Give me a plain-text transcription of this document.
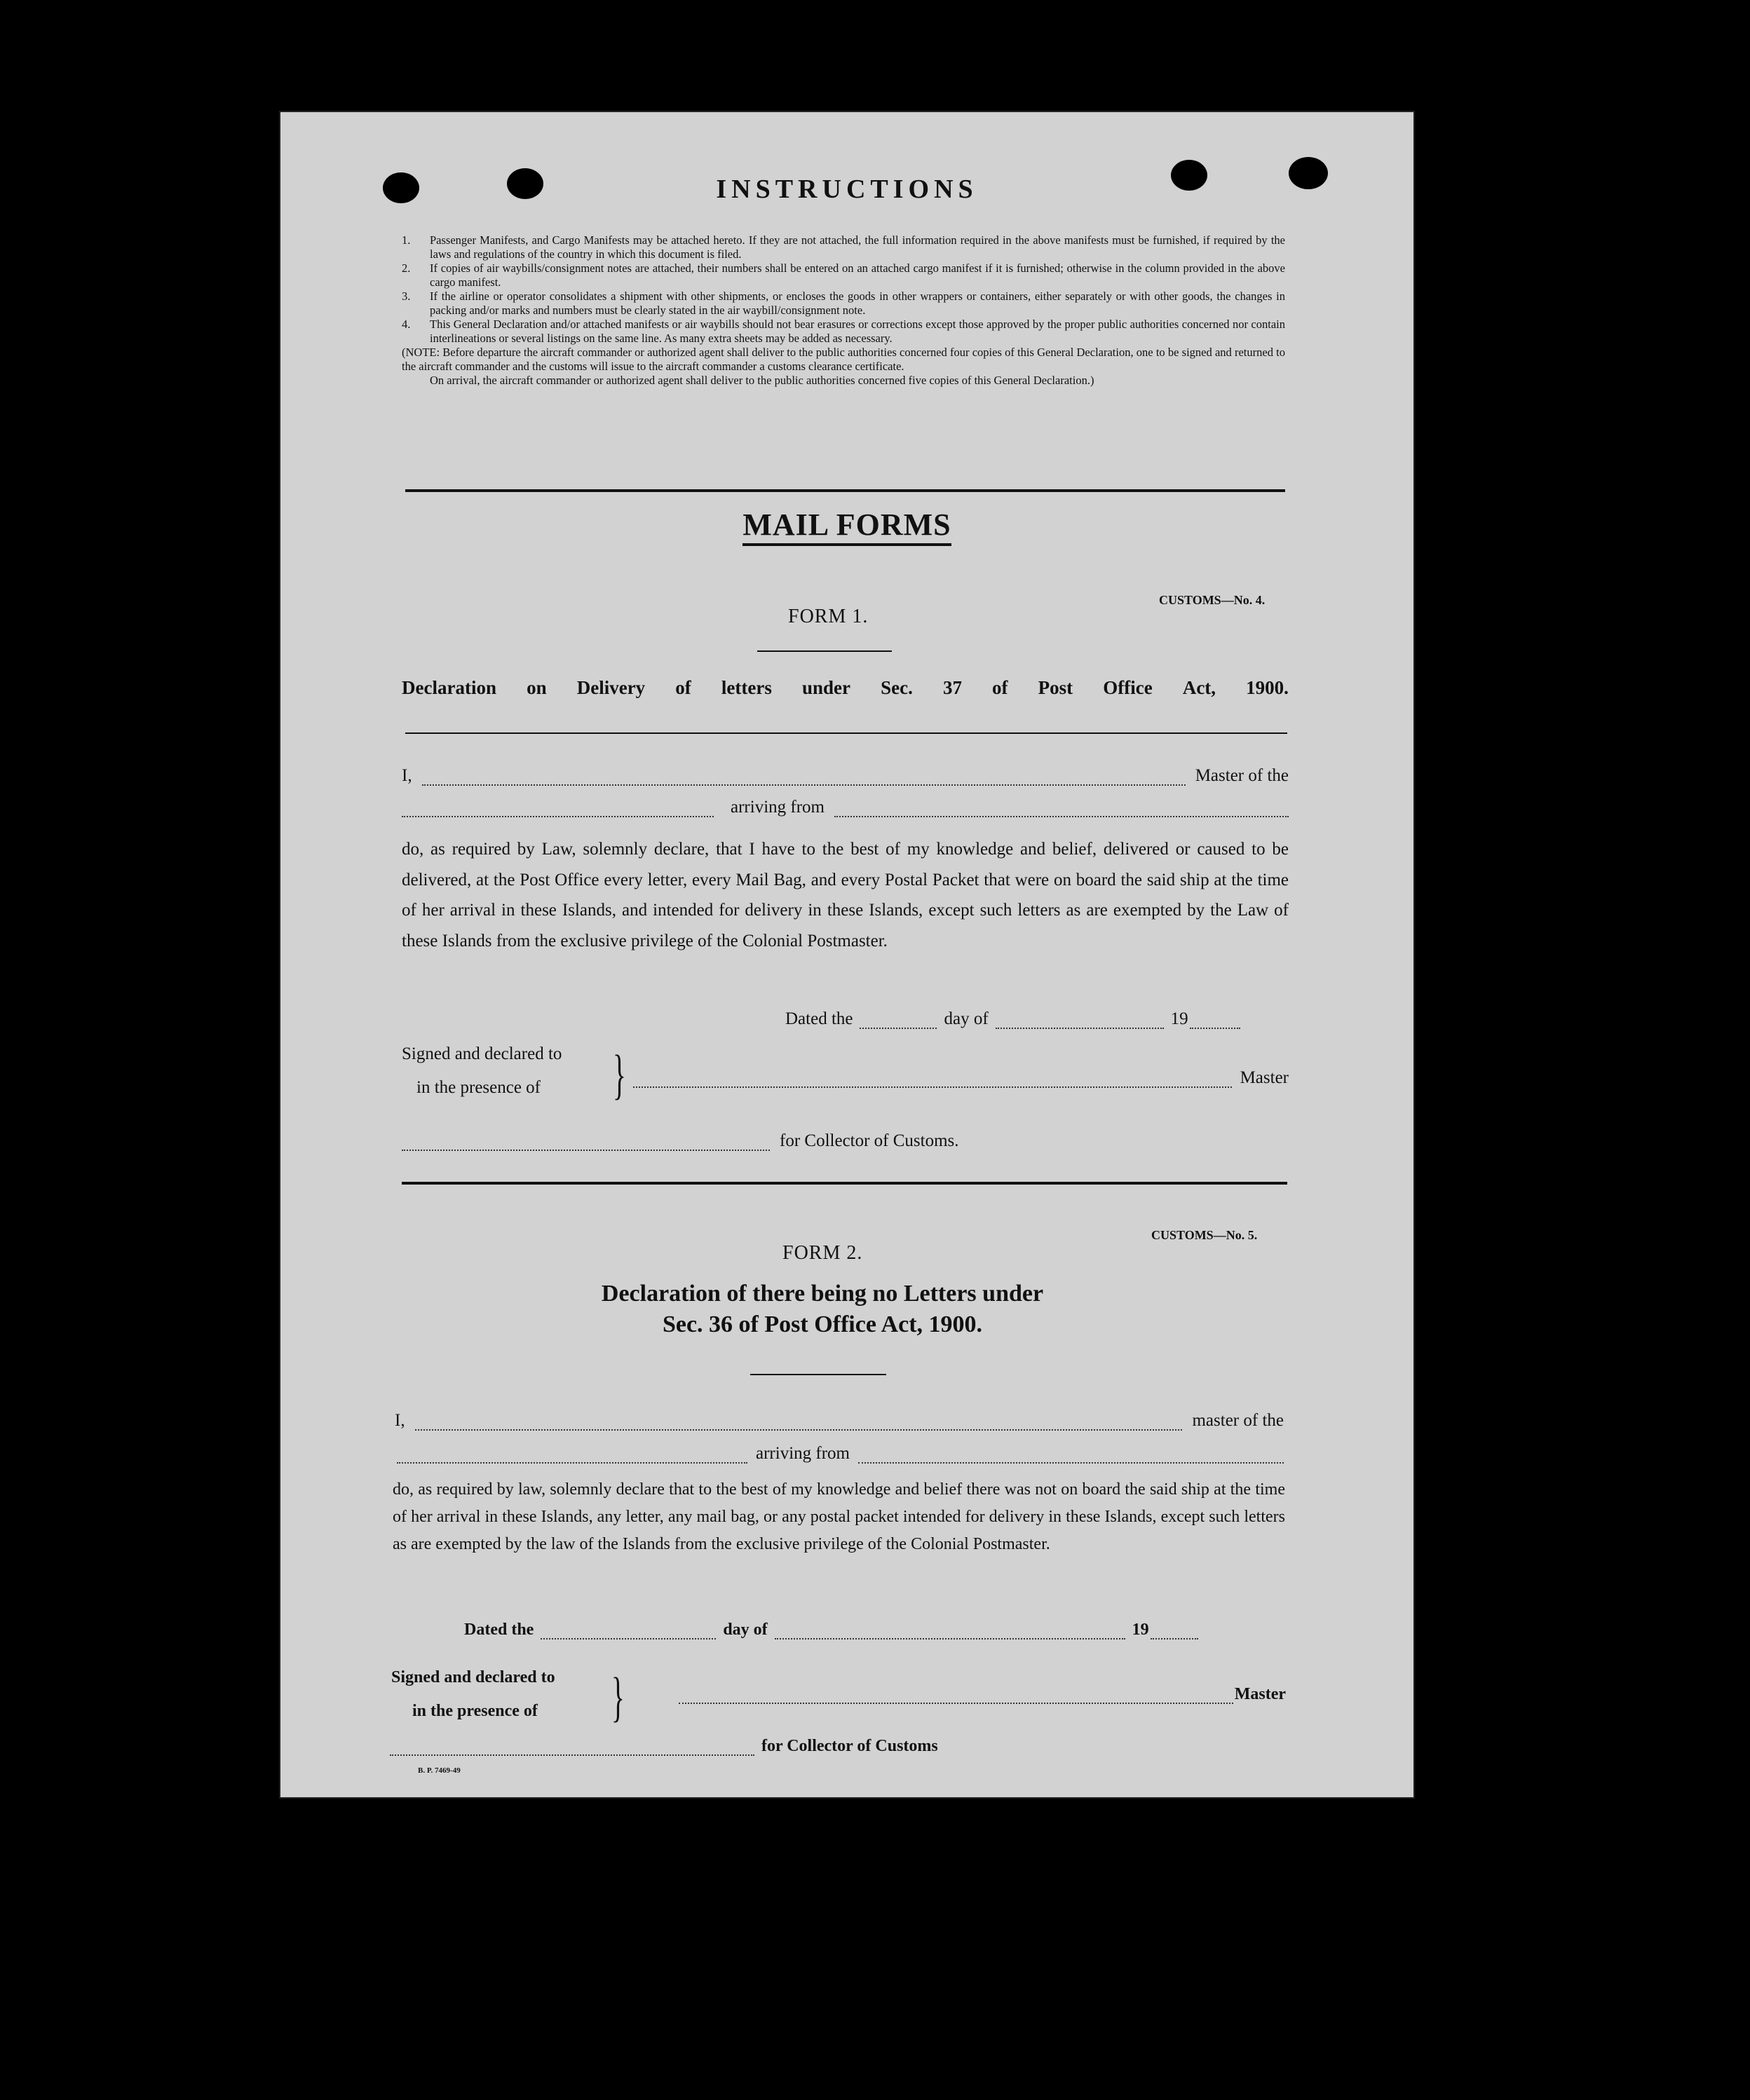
INSTRUCTIONS
1.	Passenger Manifests, and Cargo Manifests may be attached hereto. If they are not attached, the full information required in the above manifests must be furnished, if required by the laws and regulations of the country in which this document is filed.
2.	If copies of air waybills/consignment notes are attached, their numbers shall be entered on an attached cargo manifest if it is furnished; otherwise in the column provided in the above cargo manifest.
3.	If the airline or operator consolidates a shipment with other shipments, or encloses the goods in other wrappers or containers, either separately or with other goods, the changes in packing and/or marks and numbers must be clearly stated in the air waybill/consignment note.
4.	This General Declaration and/or attached manifests or air waybills should not bear erasures or corrections except those approved by the proper public authorities concerned nor contain interlineations or several listings on the same line. As many extra sheets may be added as necessary.
(NOTE: Before departure the aircraft commander or authorized agent shall deliver to the public authorities concerned four copies of this General Declaration, one to be signed and returned to the aircraft commander and the customs will issue to the aircraft commander a customs clearance certificate.
On arrival, the aircraft commander or authorized agent shall deliver to the public authorities concerned five copies of this General Declaration.)
MAIL FORMS
CUSTOMS—No. 4.
FORM 1.
Declaration on Delivery of letters under Sec. 37 of Post Office Act, 1900.
I,	Master of the
arriving from
do, as required by Law, solemnly declare, that I have to the best of my knowledge and belief, delivered or caused to be delivered, at the Post Office every letter, every Mail Bag, and every Postal Packet that were on board the said ship at the time of her arrival in these Islands, and intended for delivery in these Islands, except such letters as are exempted by the Law of these Islands from the exclusive privilege of the Colonial Postmaster.
Dated the	day of	19
Signed and declared to
in the presence of }	Master
for Collector of Customs.
CUSTOMS—No. 5.
FORM 2.
Declaration of there being no Letters under
Sec. 36 of Post Office Act, 1900.
I,	master of the
arriving from
do, as required by law, solemnly declare that to the best of my knowledge and belief there was not on board the said ship at the time of her arrival in these Islands, any letter, any mail bag, or any postal packet intended for delivery in these Islands, except such letters as are exempted by the law of the Islands from the exclusive privilege of the Colonial Postmaster.
Dated the	day of	19
Signed and declared to
in the presence of }	Master
for Collector of Customs
B. P. 7469-49
